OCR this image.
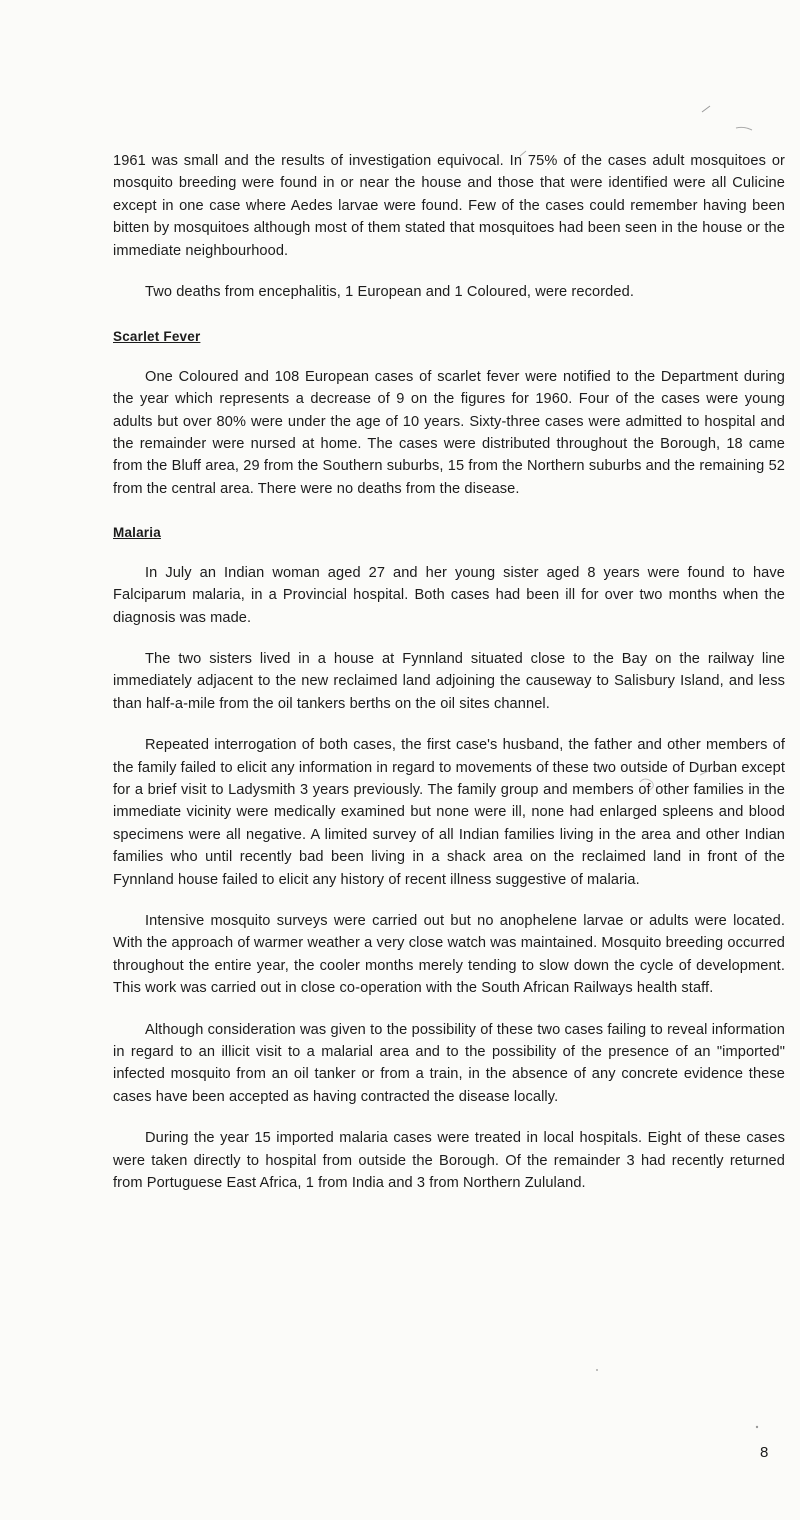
1961 was small and the results of investigation equivocal. In 75% of the cases adult mosquitoes or mosquito breeding were found in or near the house and those that were identified were all Culicine except in one case where Aedes larvae were found. Few of the cases could remember having been bitten by mosquitoes although most of them stated that mosquitoes had been seen in the house or the immediate neighbourhood.

Two deaths from encephalitis, 1 European and 1 Coloured, were recorded.

Scarlet Fever

One Coloured and 108 European cases of scarlet fever were notified to the Department during the year which represents a decrease of 9 on the figures for 1960. Four of the cases were young adults but over 80% were under the age of 10 years. Sixty-three cases were admitted to hospital and the remainder were nursed at home. The cases were distributed throughout the Borough, 18 came from the Bluff area, 29 from the Southern suburbs, 15 from the Northern suburbs and the remaining 52 from the central area. There were no deaths from the disease.

Malaria

In July an Indian woman aged 27 and her young sister aged 8 years were found to have Falciparum malaria, in a Provincial hospital. Both cases had been ill for over two months when the diagnosis was made.

The two sisters lived in a house at Fynnland situated close to the Bay on the railway line immediately adjacent to the new reclaimed land adjoining the causeway to Salisbury Island, and less than half-a-mile from the oil tankers berths on the oil sites channel.

Repeated interrogation of both cases, the first case's husband, the father and other members of the family failed to elicit any information in regard to movements of these two outside of Durban except for a brief visit to Ladysmith 3 years previously. The family group and members of other families in the immediate vicinity were medically examined but none were ill, none had enlarged spleens and blood specimens were all negative. A limited survey of all Indian families living in the area and other Indian families who until recently bad been living in a shack area on the reclaimed land in front of the Fynnland house failed to elicit any history of recent illness suggestive of malaria.

Intensive mosquito surveys were carried out but no anophelene larvae or adults were located. With the approach of warmer weather a very close watch was maintained. Mosquito breeding occurred throughout the entire year, the cooler months merely tending to slow down the cycle of development. This work was carried out in close co-operation with the South African Railways health staff.

Although consideration was given to the possibility of these two cases failing to reveal information in regard to an illicit visit to a malarial area and to the possibility of the presence of an "imported" infected mosquito from an oil tanker or from a train, in the absence of any concrete evidence these cases have been accepted as having contracted the disease locally.

During the year 15 imported malaria cases were treated in local hospitals. Eight of these cases were taken directly to hospital from outside the Borough. Of the remainder 3 had recently returned from Portuguese East Africa, 1 from India and 3 from Northern Zululand.

8
